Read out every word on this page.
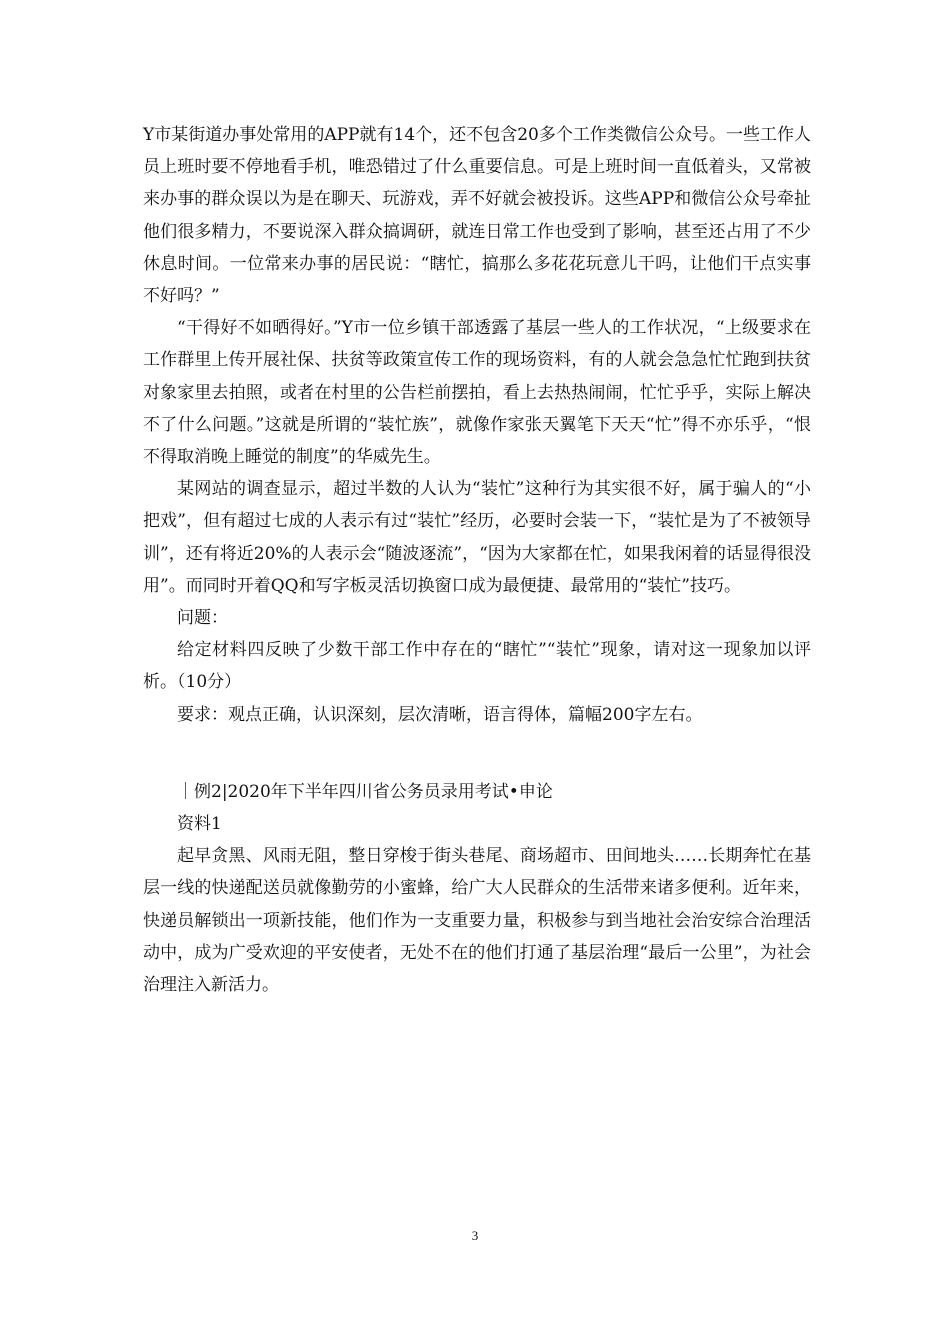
Y市某街道办事处常用的APP就有14个，还不包含20多个工作类微信公众号。一些工作人员上班时要不停地看手机，唯恐错过了什么重要信息。可是上班时间一直低着头，又常被来办事的群众误以为是在聊天、玩游戏，弄不好就会被投诉。这些APP和微信公众号牵扯他们很多精力，不要说深入群众搞调研，就连日常工作也受到了影响，甚至还占用了不少休息时间。一位常来办事的居民说：“瞎忙，搞那么多花花玩意儿干吗，让他们干点实事不好吗？”

“干得好不如晒得好。”Y市一位乡镇干部透露了基层一些人的工作状况，“上级要求在工作群里上传开展社保、扶贫等政策宣传工作的现场资料，有的人就会急急忙忙跑到扶贫对象家里去拍照，或者在村里的公告栏前摆拍，看上去热热闹闹，忙忙乎乎，实际上解决不了什么问题。”这就是所谓的“装忙族”，就像作家张天翼笔下天天“忙”得不亦乐乎，“恨不得取消晚上睡觉的制度”的华威先生。

某网站的调查显示，超过半数的人认为“装忙”这种行为其实很不好，属于骗人的“小把戏”，但有超过七成的人表示有过“装忙”经历，必要时会装一下，“装忙是为了不被领导训”，还有将近20%的人表示会“随波逐流”，“因为大家都在忙，如果我闲着的话显得很没用”。而同时开着QQ和写字板灵活切换窗口成为最便捷、最常用的“装忙”技巧。

问题：

给定材料四反映了少数干部工作中存在的“瞎忙”“装忙”现象，请对这一现象加以评析。（10分）

要求：观点正确，认识深刻，层次清晰，语言得体，篇幅200字左右。

｜例2|2020年下半年四川省公务员录用考试•申论

资料1

起早贪黑、风雨无阻，整日穿梭于街头巷尾、商场超市、田间地头……长期奔忙在基层一线的快递配送员就像勤劳的小蜜蜂，给广大人民群众的生活带来诸多便利。近年来，快递员解锁出一项新技能，他们作为一支重要力量，积极参与到当地社会治安综合治理活动中，成为广受欢迎的平安使者，无处不在的他们打通了基层治理“最后一公里”，为社会治理注入新活力。

3
